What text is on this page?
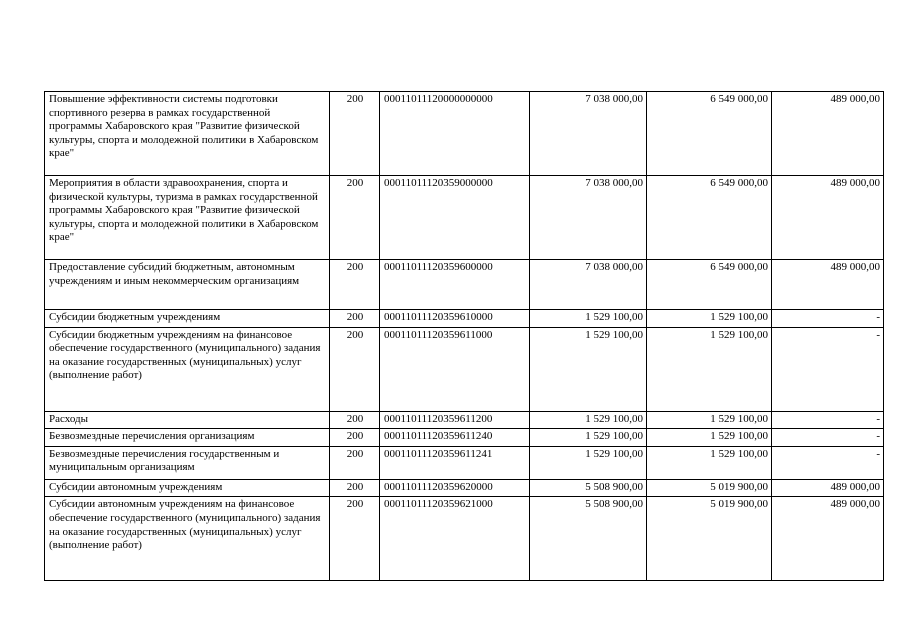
Повышение эффективности системы подготовки спортивного резерва в рамках государственной программы Хабаровского края "Развитие физической культуры, спорта и молодежной политики в Хабаровском крае"	200	00011011120000000000	7 038 000,00	6 549 000,00	489 000,00
Мероприятия в области здравоохранения, спорта и физической культуры, туризма в рамках государственной программы Хабаровского края "Развитие физической культуры, спорта и молодежной политики в Хабаровском крае"	200	00011011120359000000	7 038 000,00	6 549 000,00	489 000,00
Предоставление субсидий бюджетным, автономным учреждениям и иным некоммерческим организациям	200	00011011120359600000	7 038 000,00	6 549 000,00	489 000,00
Субсидии бюджетным учреждениям	200	00011011120359610000	1 529 100,00	1 529 100,00	-
Субсидии бюджетным учреждениям на финансовое обеспечение государственного (муниципального) задания на оказание государственных (муниципальных) услуг (выполнение работ)	200	00011011120359611000	1 529 100,00	1 529 100,00	-
Расходы	200	00011011120359611200	1 529 100,00	1 529 100,00	-
Безвозмездные перечисления организациям	200	00011011120359611240	1 529 100,00	1 529 100,00	-
Безвозмездные перечисления государственным и муниципальным организациям	200	00011011120359611241	1 529 100,00	1 529 100,00	-
Субсидии автономным учреждениям	200	00011011120359620000	5 508 900,00	5 019 900,00	489 000,00
Субсидии автономным учреждениям на финансовое обеспечение государственного (муниципального) задания на оказание государственных (муниципальных) услуг (выполнение работ)	200	00011011120359621000	5 508 900,00	5 019 900,00	489 000,00
